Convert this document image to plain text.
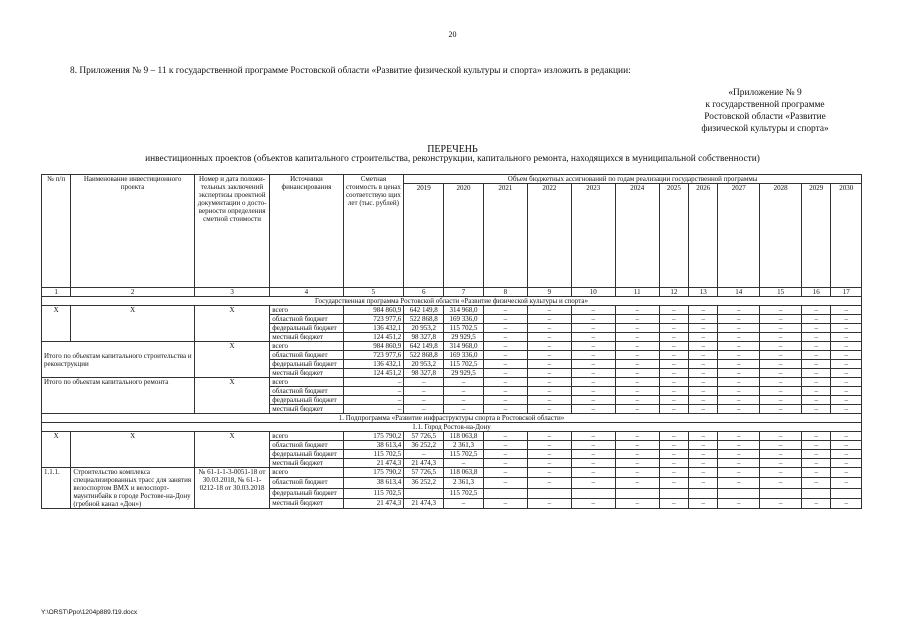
20
8. Приложения № 9 – 11 к государственной программе Ростовской области «Развитие физической культуры и спорта» изложить в редакции:
«Приложение № 9
к государственной программе
Ростовской области «Развитие
физической культуры и спорта»
ПЕРЕЧЕНЬ
инвестиционных проектов (объектов капитального строительства, реконструкции, капитального ремонта, находящихся в муниципальной собственности)
№ п/п	Наименование инвестиционного проекта	Номер и дата положи-тельных заключений экспертизы проектной документации о досто-верности определения сметной стоимости	Источники финансирования	Сметная стоимость в ценах соответствую щих лет (тыс. рублей)	Объем бюджетных ассигнований по годам реализации государственной программы											
					2019	2020	2021	2022	2023	2024	2025	2026	2027	2028	2029	2030
1	2	3	4	5	6	7	8	9	10	11	12	13	14	15	16	17
Государственная программа Ростовской области «Развитие физической культуры и спорта»																
Х	Х	Х	всего	984 860,9	642 149,8	314 968,0	–	–	–	–	–	–	–	–	–	–
			областной бюджет	723 977,6	522 868,8	169 336,0	–	–	–	–	–	–	–	–	–	–
			федеральный бюджет	136 432,1	20 953,2	115 702,5	–	–	–	–	–	–	–	–	–	–
			местный бюджет	124 451,2	98 327,8	29 929,5	–	–	–	–	–	–	–	–	–	–
Итого по объектам капитального строительства и реконструкции		Х	всего	984 860,9	642 149,8	314 968,0	–	–	–	–	–	–	–	–	–	–
			областной бюджет	723 977,6	522 868,8	169 336,0	–	–	–	–	–	–	–	–	–	–
			федеральный бюджет	136 432,1	20 953,2	115 702,5	–	–	–	–	–	–	–	–	–	–
			местный бюджет	124 451,2	98 327,8	29 929,5	–	–	–	–	–	–	–	–	–	–
Итого по объектам капитального ремонта		Х	всего	–	–	–	–	–	–	–	–	–	–	–	–	–
			областной бюджет	–	–	–	–	–	–	–	–	–	–	–	–	–
			федеральный бюджет	–	–	–	–	–	–	–	–	–	–	–	–	–
			местный бюджет	–	–	–	–	–	–	–	–	–	–	–	–	–
1. Подпрограмма «Развитие инфраструктуры спорта в Ростовской области»																
1.1. Город Ростов-на-Дону																
Х	Х	Х	всего	175 790,2	57 726,5	118 063,8	–	–	–	–	–	–	–	–	–	–
			областной бюджет	38 613,4	36 252,2	2 361,3	–	–	–	–	–	–	–	–	–	–
			федеральный бюджет	115 702,5	–	115 702,5	–	–	–	–	–	–	–	–	–	–
			местный бюджет	21 474,3	21 474,3	–	–	–	–	–	–	–	–	–	–	–
1.1.1.	Строительство комплекса специализированных трасс для занятия велоспортом ВМХ и велоспорт-маунтинбайк в городе Ростове-на-Дону (гребной канал «Дон»)	№ 61-1-1-3-0051-18 от 30.03.2018, № 61-1-0212-18 от 30.03.2018	всего	175 790,2	57 726,5	118 063,8	–	–	–	–	–	–	–	–	–	–
			областной бюджет	38 613,4	36 252,2	2 361,3	–	–	–	–	–	–	–	–	–	–
			федеральный бюджет	115 702,5		115 702,5										
			местный бюджет	21 474,3	21 474,3	–	–	–	–	–	–	–	–	–	–	–
Y:\ORST\Ppo\1204p889.f19.docx
